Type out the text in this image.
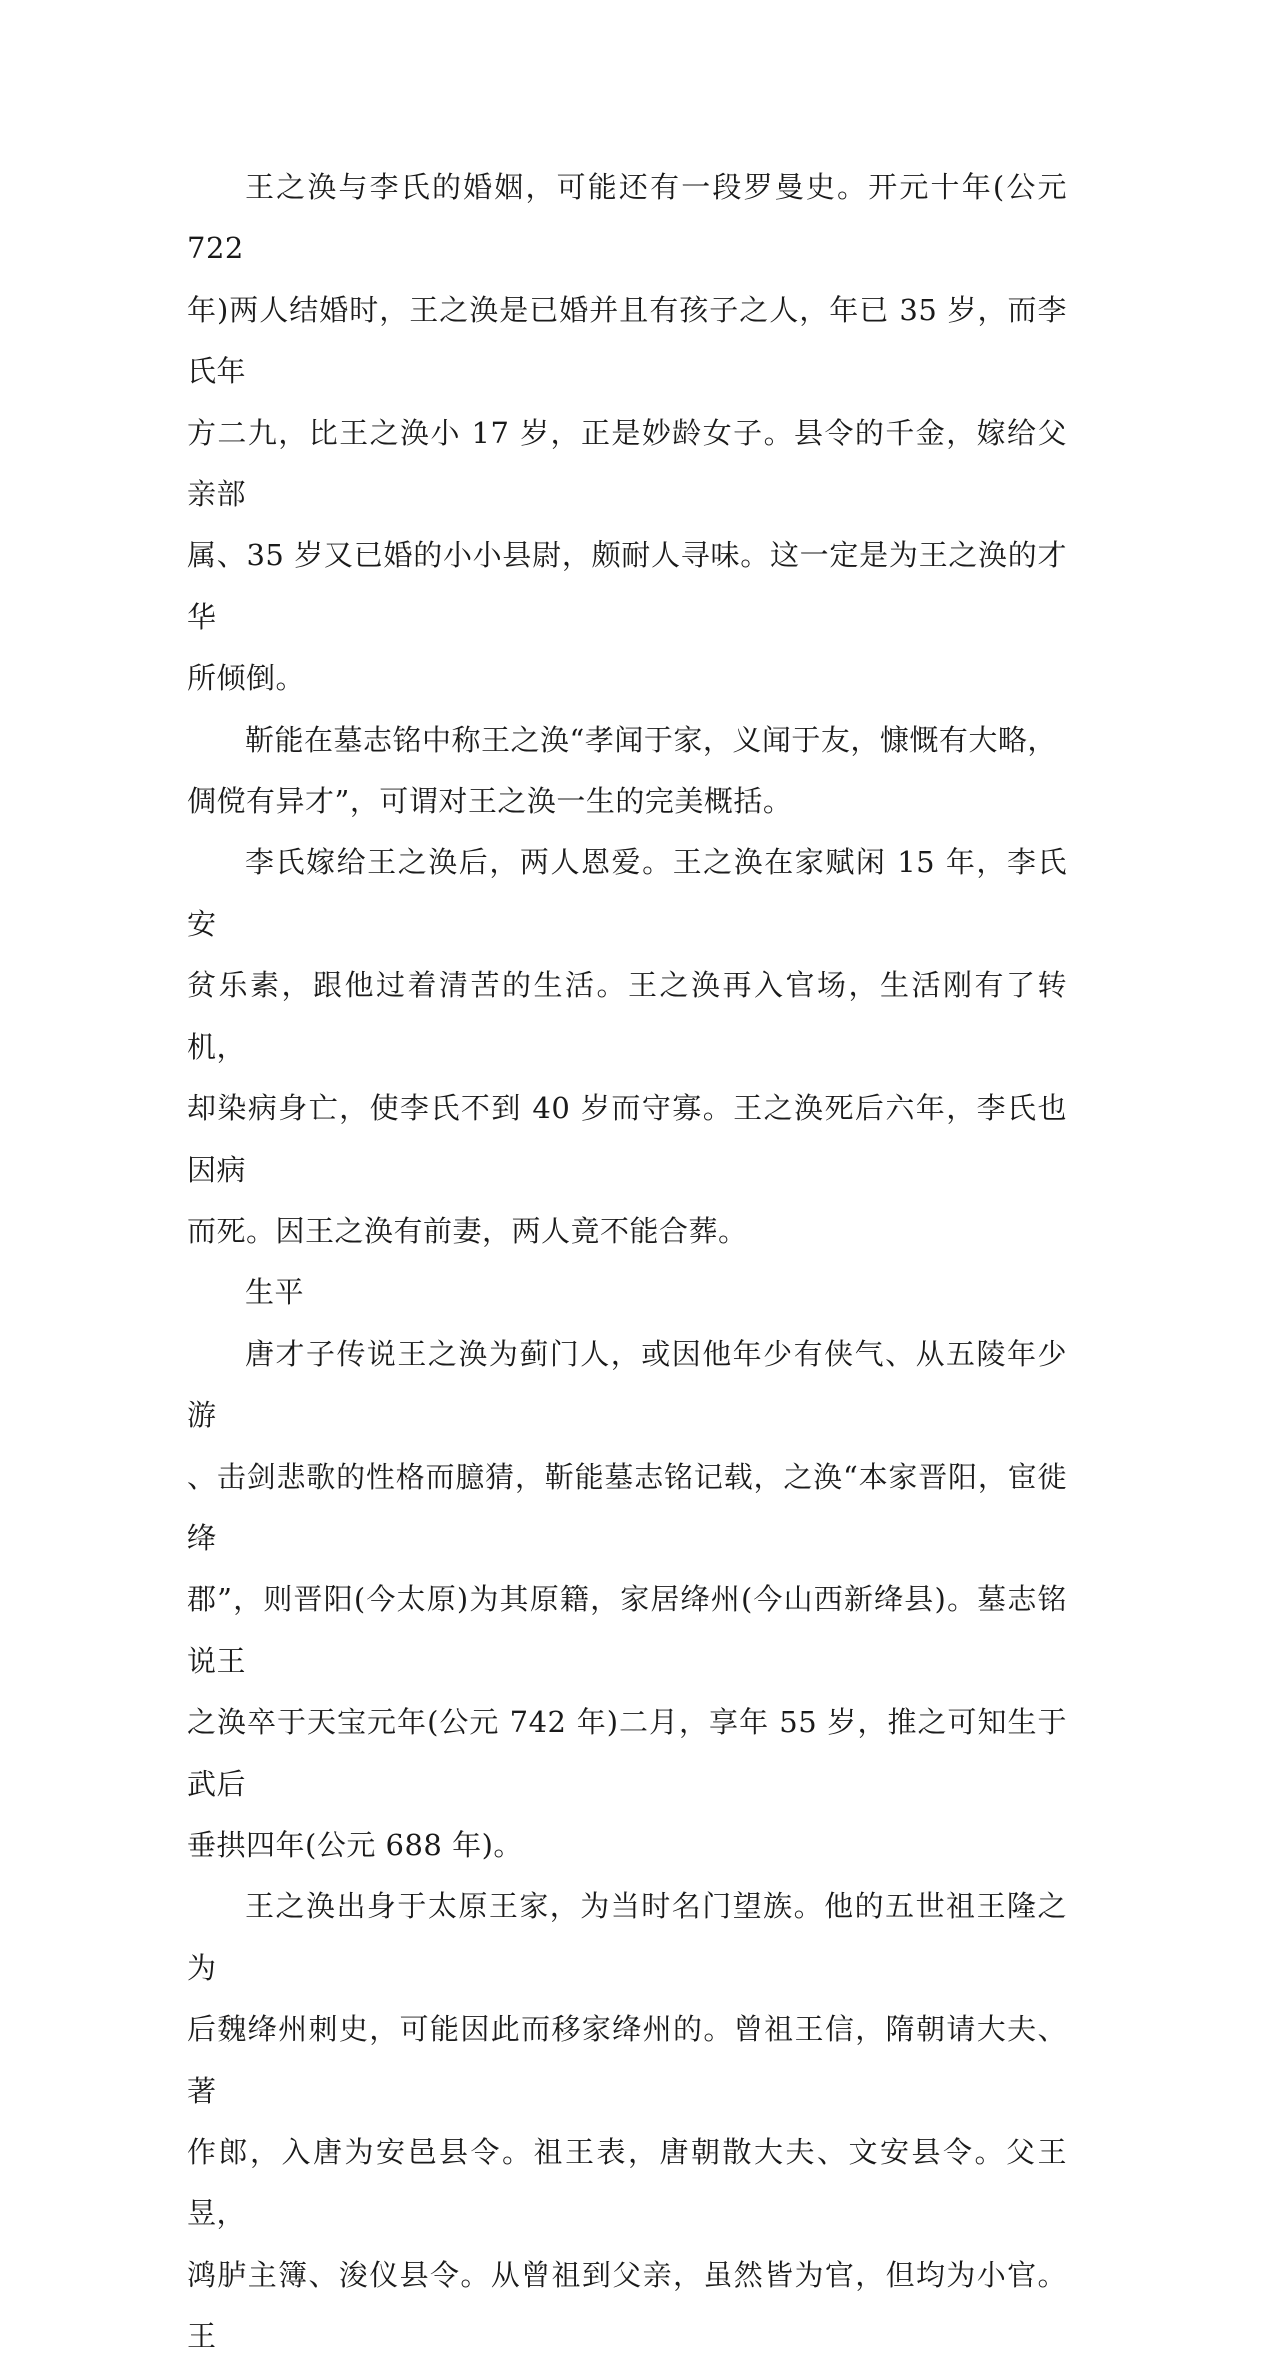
王之涣与李氏的婚姻，可能还有一段罗曼史。开元十年(公元 722
年)两人结婚时，王之涣是已婚并且有孩子之人，年已 35 岁，而李氏年
方二九，比王之涣小 17 岁，正是妙龄女子。县令的千金，嫁给父亲部
属、35 岁又已婚的小小县尉，颇耐人寻味。这一定是为王之涣的才华
所倾倒。

靳能在墓志铭中称王之涣“孝闻于家，义闻于友，慷慨有大略，
倜傥有异才”，可谓对王之涣一生的完美概括。

李氏嫁给王之涣后，两人恩爱。王之涣在家赋闲 15 年，李氏安
贫乐素，跟他过着清苦的生活。王之涣再入官场，生活刚有了转机，
却染病身亡，使李氏不到 40 岁而守寡。王之涣死后六年，李氏也因病
而死。因王之涣有前妻，两人竟不能合葬。

生平

唐才子传说王之涣为蓟门人，或因他年少有侠气、从五陵年少游
、击剑悲歌的性格而臆猜，靳能墓志铭记载，之涣“本家晋阳，宦徙绛
郡”，则晋阳(今太原)为其原籍，家居绛州(今山西新绛县)。墓志铭说王
之涣卒于天宝元年(公元 742 年)二月，享年 55 岁，推之可知生于武后
垂拱四年(公元 688 年)。

王之涣出身于太原王家，为当时名门望族。他的五世祖王隆之为
后魏绛州刺史，可能因此而移家绛州的。曾祖王信，隋朝请大夫、著
作郎，入唐为安邑县令。祖王表，唐朝散大夫、文安县令。父王昱，
鸿胪主簿、浚仪县令。从曾祖到父亲，虽然皆为官，但均为小官。王
